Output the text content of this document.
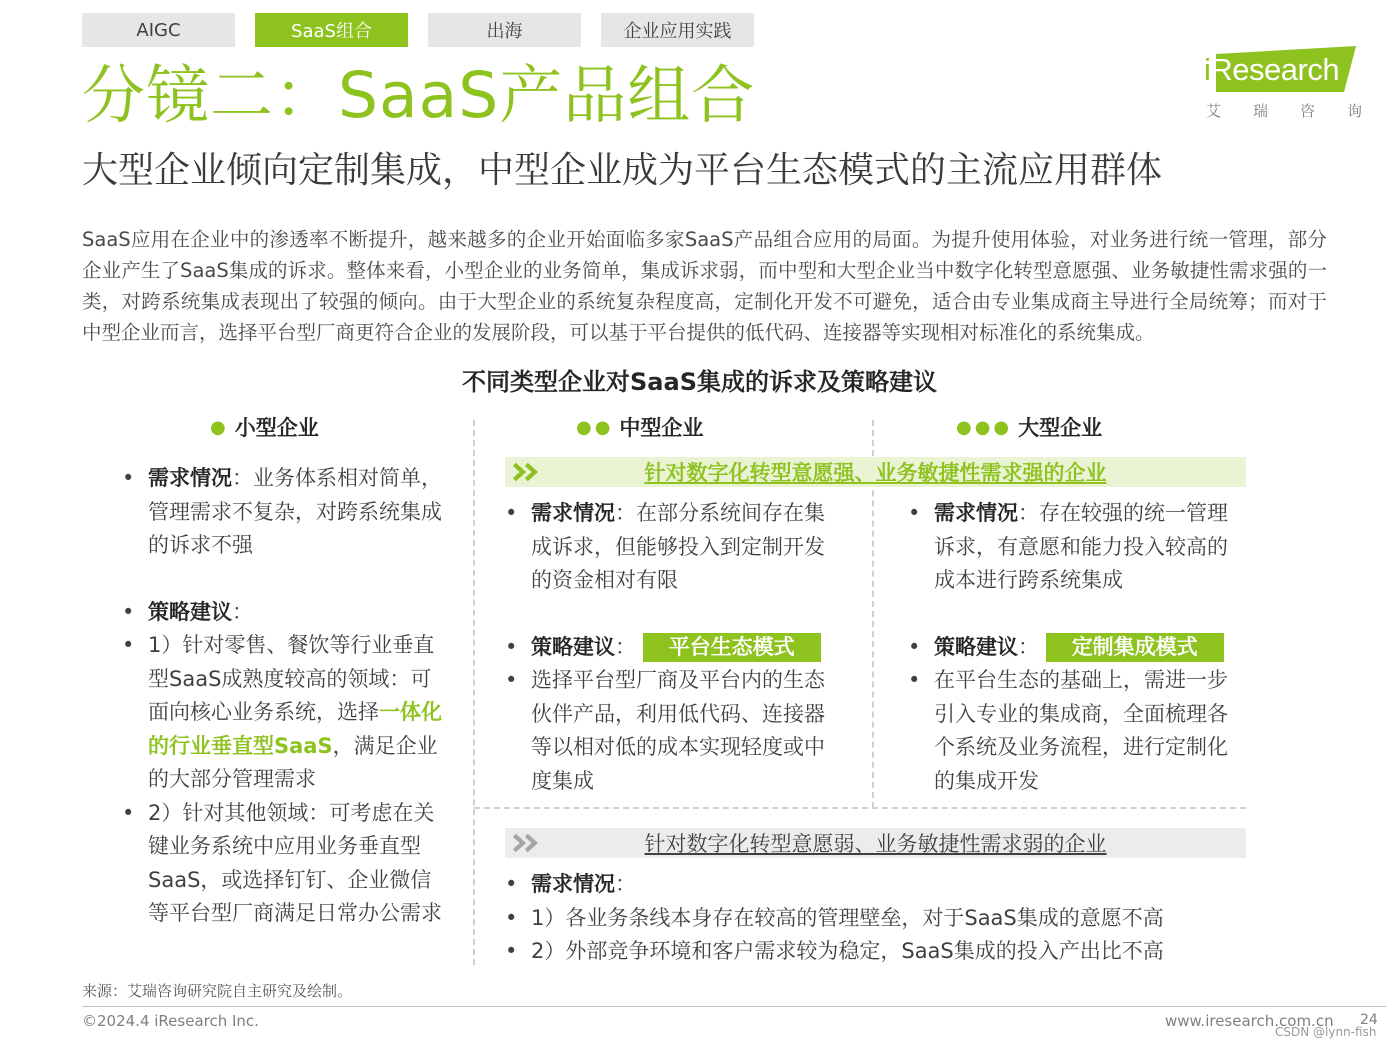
AIGC	SaaS组合	出海	企业应用实践
iResearch
艾 瑞 咨 询
分镜二：SaaS产品组合
大型企业倾向定制集成，中型企业成为平台生态模式的主流应用群体

SaaS应用在企业中的渗透率不断提升，越来越多的企业开始面临多家SaaS产品组合应用的局面。为提升使用体验，对业务进行统一管理，部分企业产生了SaaS集成的诉求。整体来看，小型企业的业务简单，集成诉求弱，而中型和大型企业当中数字化转型意愿强、业务敏捷性需求强的一类，对跨系统集成表现出了较强的倾向。由于大型企业的系统复杂程度高，定制化开发不可避免，适合由专业集成商主导进行全局统筹；而对于中型企业而言，选择平台型厂商更符合企业的发展阶段，可以基于平台提供的低代码、连接器等实现相对标准化的系统集成。

不同类型企业对SaaS集成的诉求及策略建议
● 小型企业	●● 中型企业	●●● 大型企业
针对数字化转型意愿强、业务敏捷性需求强的企业
• 需求情况：业务体系相对简单，管理需求不复杂，对跨系统集成的诉求不强
• 策略建议：
• 1）针对零售、餐饮等行业垂直型SaaS成熟度较高的领域：可面向核心业务系统，选择一体化的行业垂直型SaaS，满足企业的大部分管理需求
• 2）针对其他领域：可考虑在关键业务系统中应用业务垂直型SaaS，或选择钉钉、企业微信等平台型厂商满足日常办公需求
• 需求情况：在部分系统间存在集成诉求，但能够投入到定制开发的资金相对有限
• 策略建议： 平台生态模式
• 选择平台型厂商及平台内的生态伙伴产品，利用低代码、连接器等以相对低的成本实现轻度或中度集成
• 需求情况：存在较强的统一管理诉求，有意愿和能力投入较高的成本进行跨系统集成
• 策略建议： 定制集成模式
• 在平台生态的基础上，需进一步引入专业的集成商，全面梳理各个系统及业务流程，进行定制化的集成开发
针对数字化转型意愿弱、业务敏捷性需求弱的企业
• 需求情况：
• 1）各业务条线本身存在较高的管理壁垒，对于SaaS集成的意愿不高
• 2）外部竞争环境和客户需求较为稳定，SaaS集成的投入产出比不高
来源：艾瑞咨询研究院自主研究及绘制。
©2024.4 iResearch Inc.	www.iresearch.com.cn 24
CSDN @lynn-fish
